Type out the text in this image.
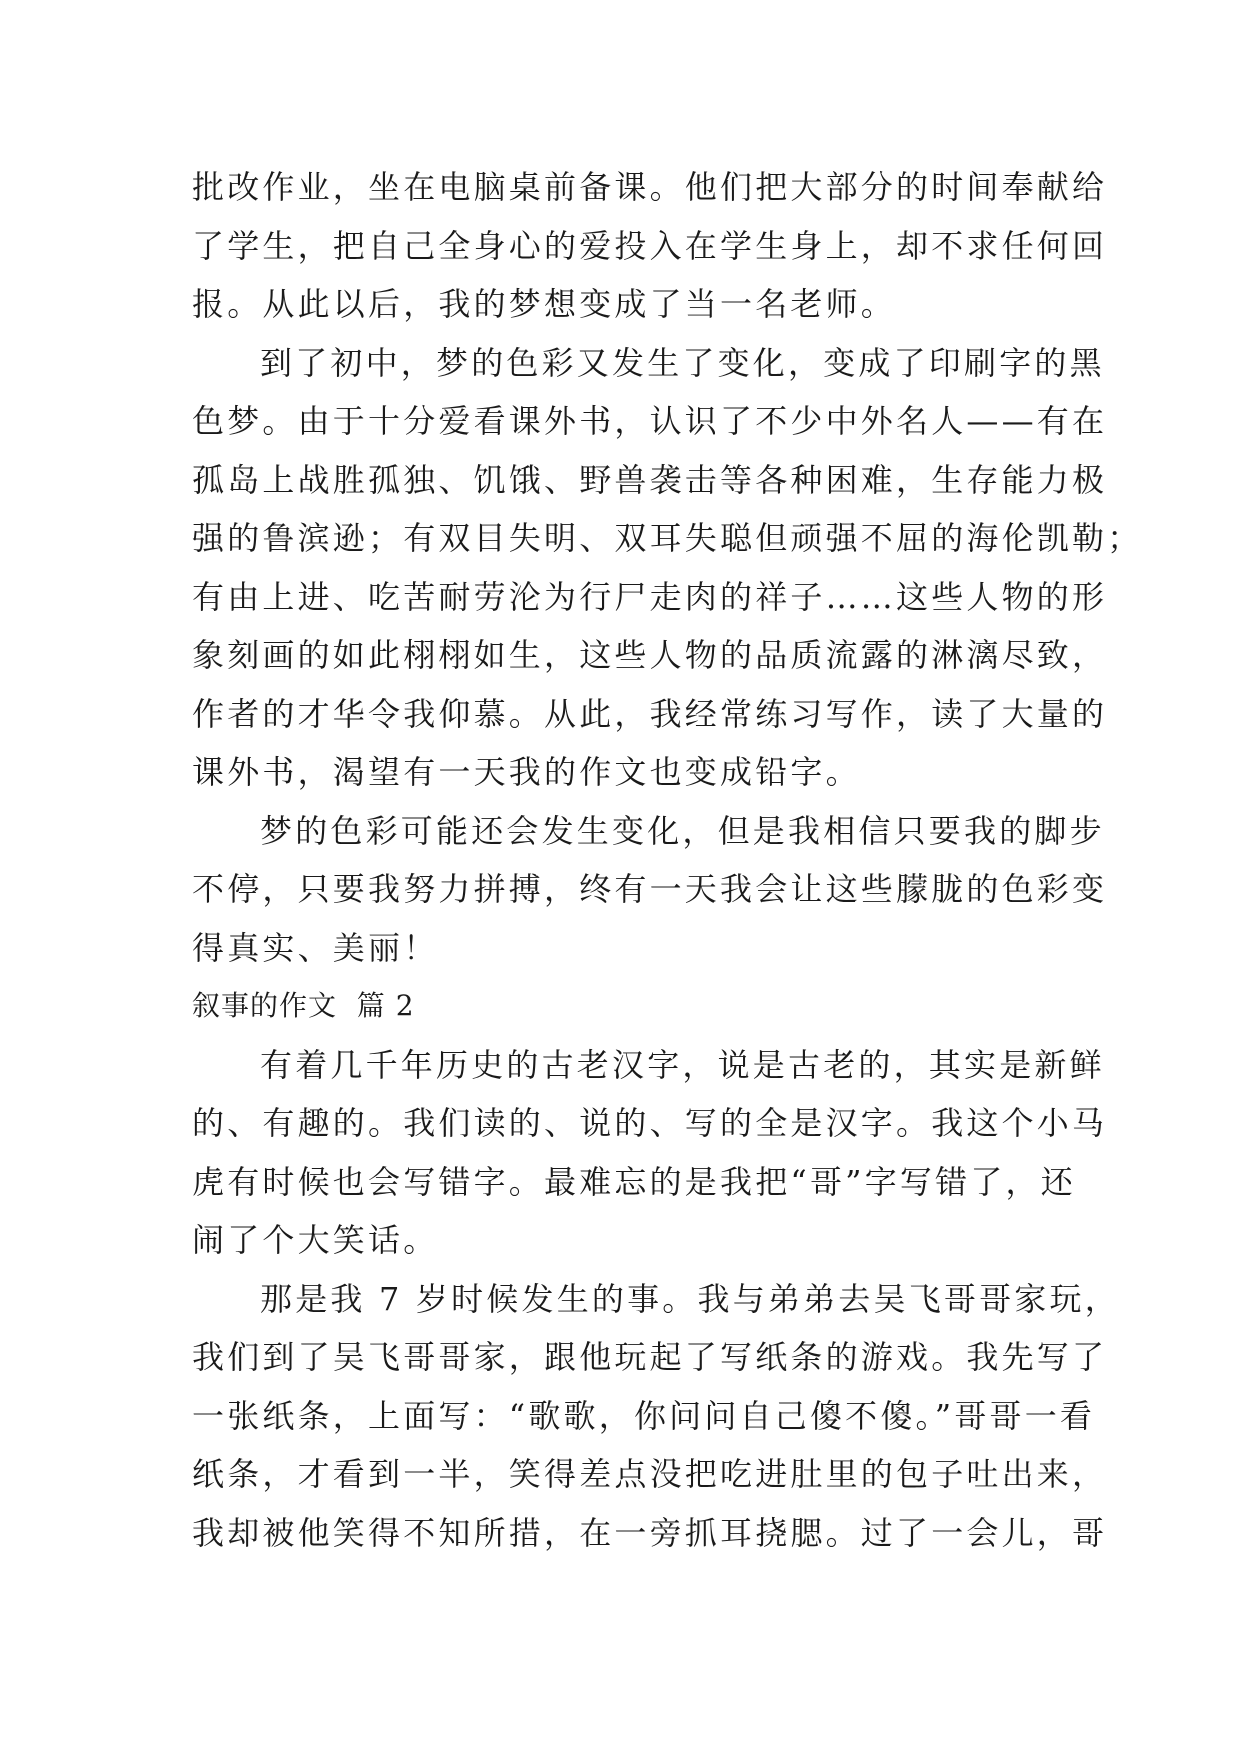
批改作业，坐在电脑桌前备课。他们把大部分的时间奉献给
了学生，把自己全身心的爱投入在学生身上，却不求任何回
报。从此以后，我的梦想变成了当一名老师。
到了初中，梦的色彩又发生了变化，变成了印刷字的黑
色梦。由于十分爱看课外书，认识了不少中外名人——有在
孤岛上战胜孤独、饥饿、野兽袭击等各种困难，生存能力极
强的鲁滨逊；有双目失明、双耳失聪但顽强不屈的海伦凯勒；
有由上进、吃苦耐劳沦为行尸走肉的祥子……这些人物的形
象刻画的如此栩栩如生，这些人物的品质流露的淋漓尽致，
作者的才华令我仰慕。从此，我经常练习写作，读了大量的
课外书，渴望有一天我的作文也变成铅字。
梦的色彩可能还会发生变化，但是我相信只要我的脚步
不停，只要我努力拼搏，终有一天我会让这些朦胧的色彩变
得真实、美丽！
叙事的作文  篇 2
有着几千年历史的古老汉字，说是古老的，其实是新鲜
的、有趣的。我们读的、说的、写的全是汉字。我这个小马
虎有时候也会写错字。最难忘的是我把“哥”字写错了，还
闹了个大笑话。
那是我 7 岁时候发生的事。我与弟弟去吴飞哥哥家玩，
我们到了吴飞哥哥家，跟他玩起了写纸条的游戏。我先写了
一张纸条，上面写：“歌歌，你问问自己傻不傻。”哥哥一看
纸条，才看到一半，笑得差点没把吃进肚里的包子吐出来，
我却被他笑得不知所措，在一旁抓耳挠腮。过了一会儿，哥
